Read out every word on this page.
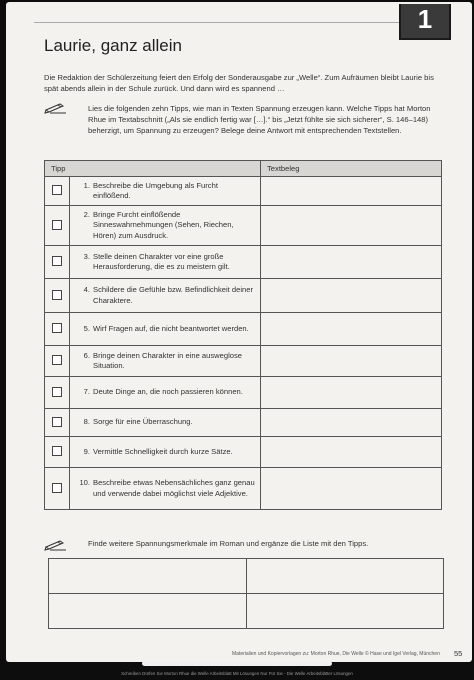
1
Laurie, ganz allein
Die Redaktion der Schülerzeitung feiert den Erfolg der Sonderausgabe zur „Welle“. Zum Aufräumen bleibt Laurie bis spät abends allein in der Schule zurück. Und dann wird es spannend …
Lies die folgenden zehn Tipps, wie man in Texten Spannung erzeugen kann. Welche Tipps hat Morton Rhue im Textabschnitt („Als sie endlich fertig war […].“ bis „Jetzt fühlte sie sich sicherer“, S. 146–148) beherzigt, um Spannung zu erzeugen? Belege deine Antwort mit entsprechenden Textstellen.
Tipp		Textbeleg

	1. Beschreibe die Umgebung als Furcht einflößend.	

	2. Bringe Furcht einflößende Sinneswahrnehmungen (Sehen, Riechen, Hören) zum Ausdruck.	

	3. Stelle deinen Charakter vor eine große Herausforderung, die es zu meistern gilt.	

	4. Schildere die Gefühle bzw. Befindlichkeit deiner Charaktere.	

	5. Wirf Fragen auf, die nicht beantwortet werden.	

	6. Bringe deinen Charakter in eine ausweglose Situation.	

	7. Deute Dinge an, die noch passieren können.	

	8. Sorge für eine Überraschung.	

	9. Vermittle Schnelligkeit durch kurze Sätze.	

	10. Beschreibe etwas Nebensächliches ganz genau und verwende dabei möglichst viele Adjektive.	

Finde weitere Spannungsmerkmale im Roman und ergänze die Liste mit den Tipps.

Materialien und Kopiervorlagen zu: Morton Rhue, Die Welle © Hase und Igel Verlag, München 55
Schreiben Dürfen Sie Morton Rhue die Welle Arbeitsblatt Mit Lösungen Nur Für Sie - Die Welle Arbeitsblätter Lösungen
